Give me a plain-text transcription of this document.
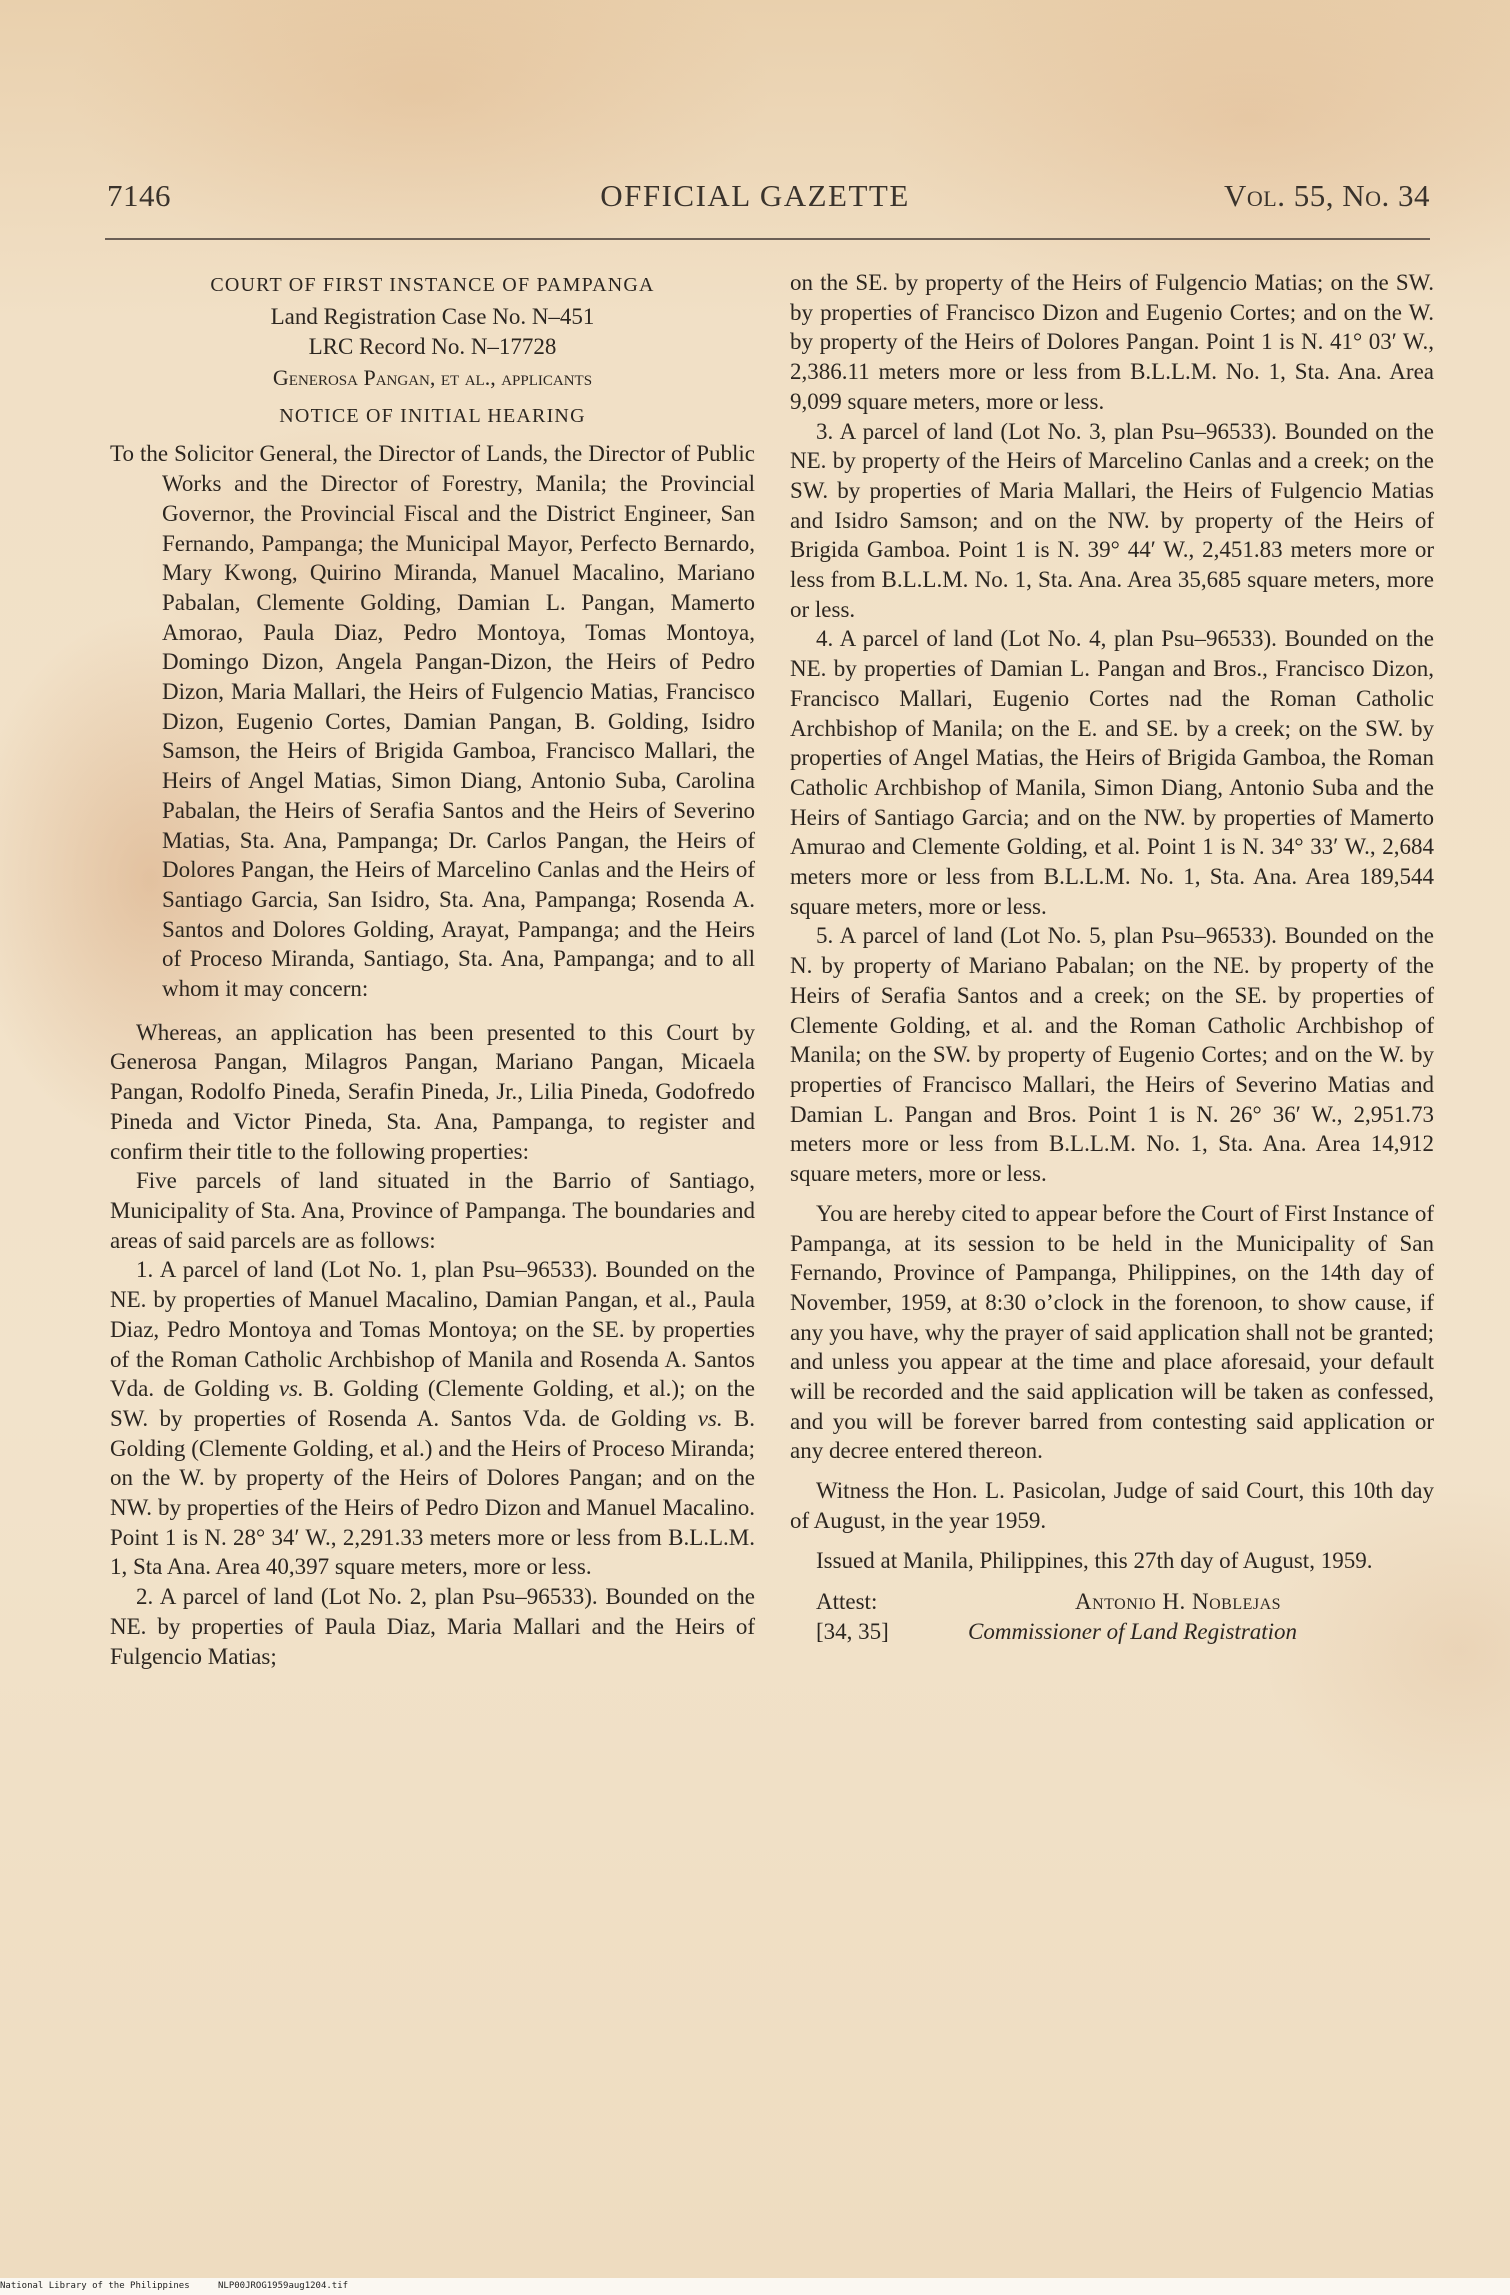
7146	OFFICIAL GAZETTE	Vol. 55, No. 34

COURT OF FIRST INSTANCE OF PAMPANGA

Land Registration Case No. N–451

LRC Record No. N–17728

Generosa Pangan, et al., applicants

NOTICE OF INITIAL HEARING

To the Solicitor General, the Director of Lands, the Director of Public Works and the Director of Forestry, Manila; the Provincial Governor, the Provincial Fiscal and the District Engineer, San Fernando, Pampanga; the Municipal Mayor, Perfecto Bernardo, Mary Kwong, Quirino Miranda, Manuel Macalino, Mariano Pabalan, Clemente Golding, Damian L. Pangan, Mamerto Amorao, Paula Diaz, Pedro Montoya, Tomas Montoya, Domingo Dizon, Angela Pangan-Dizon, the Heirs of Pedro Dizon, Maria Mallari, the Heirs of Fulgencio Matias, Francisco Dizon, Eugenio Cortes, Damian Pangan, B. Golding, Isidro Samson, the Heirs of Brigida Gamboa, Francisco Mallari, the Heirs of Angel Matias, Simon Diang, Antonio Suba, Carolina Pabalan, the Heirs of Serafia Santos and the Heirs of Severino Matias, Sta. Ana, Pampanga; Dr. Carlos Pangan, the Heirs of Dolores Pangan, the Heirs of Marcelino Canlas and the Heirs of Santiago Garcia, San Isidro, Sta. Ana, Pampanga; Rosenda A. Santos and Dolores Golding, Arayat, Pampanga; and the Heirs of Proceso Miranda, Santiago, Sta. Ana, Pampanga; and to all whom it may concern:

Whereas, an application has been presented to this Court by Generosa Pangan, Milagros Pangan, Mariano Pangan, Micaela Pangan, Rodolfo Pineda, Serafin Pineda, Jr., Lilia Pineda, Godofredo Pineda and Victor Pineda, Sta. Ana, Pampanga, to register and confirm their title to the following properties:

Five parcels of land situated in the Barrio of Santiago, Municipality of Sta. Ana, Province of Pampanga. The boundaries and areas of said parcels are as follows:

1. A parcel of land (Lot No. 1, plan Psu–96533). Bounded on the NE. by properties of Manuel Macalino, Damian Pangan, et al., Paula Diaz, Pedro Montoya and Tomas Montoya; on the SE. by properties of the Roman Catholic Archbishop of Manila and Rosenda A. Santos Vda. de Golding vs. B. Golding (Clemente Golding, et al.); on the SW. by properties of Rosenda A. Santos Vda. de Golding vs. B. Golding (Clemente Golding, et al.) and the Heirs of Proceso Miranda; on the W. by property of the Heirs of Dolores Pangan; and on the NW. by properties of the Heirs of Pedro Dizon and Manuel Macalino. Point 1 is N. 28° 34′ W., 2,291.33 meters more or less from B.L.L.M. 1, Sta Ana. Area 40,397 square meters, more or less.

2. A parcel of land (Lot No. 2, plan Psu–96533). Bounded on the NE. by properties of Paula Diaz, Maria Mallari and the Heirs of Fulgencio Matias;

on the SE. by property of the Heirs of Fulgencio Matias; on the SW. by properties of Francisco Dizon and Eugenio Cortes; and on the W. by property of the Heirs of Dolores Pangan. Point 1 is N. 41° 03′ W., 2,386.11 meters more or less from B.L.L.M. No. 1, Sta. Ana. Area 9,099 square meters, more or less.

3. A parcel of land (Lot No. 3, plan Psu–96533). Bounded on the NE. by property of the Heirs of Marcelino Canlas and a creek; on the SW. by properties of Maria Mallari, the Heirs of Fulgencio Matias and Isidro Samson; and on the NW. by property of the Heirs of Brigida Gamboa. Point 1 is N. 39° 44′ W., 2,451.83 meters more or less from B.L.L.M. No. 1, Sta. Ana. Area 35,685 square meters, more or less.

4. A parcel of land (Lot No. 4, plan Psu–96533). Bounded on the NE. by properties of Damian L. Pangan and Bros., Francisco Dizon, Francisco Mallari, Eugenio Cortes nad the Roman Catholic Archbishop of Manila; on the E. and SE. by a creek; on the SW. by properties of Angel Matias, the Heirs of Brigida Gamboa, the Roman Catholic Archbishop of Manila, Simon Diang, Antonio Suba and the Heirs of Santiago Garcia; and on the NW. by properties of Mamerto Amurao and Clemente Golding, et al. Point 1 is N. 34° 33′ W., 2,684 meters more or less from B.L.L.M. No. 1, Sta. Ana. Area 189,544 square meters, more or less.

5. A parcel of land (Lot No. 5, plan Psu–96533). Bounded on the N. by property of Mariano Pabalan; on the NE. by property of the Heirs of Serafia Santos and a creek; on the SE. by properties of Clemente Golding, et al. and the Roman Catholic Archbishop of Manila; on the SW. by property of Eugenio Cortes; and on the W. by properties of Francisco Mallari, the Heirs of Severino Matias and Damian L. Pangan and Bros. Point 1 is N. 26° 36′ W., 2,951.73 meters more or less from B.L.L.M. No. 1, Sta. Ana. Area 14,912 square meters, more or less.

You are hereby cited to appear before the Court of First Instance of Pampanga, at its session to be held in the Municipality of San Fernando, Province of Pampanga, Philippines, on the 14th day of November, 1959, at 8:30 o’clock in the forenoon, to show cause, if any you have, why the prayer of said application shall not be granted; and unless you appear at the time and place aforesaid, your default will be recorded and the said application will be taken as confessed, and you will be forever barred from contesting said application or any decree entered thereon.

Witness the Hon. L. Pasicolan, Judge of said Court, this 10th day of August, in the year 1959.

Issued at Manila, Philippines, this 27th day of August, 1959.

Attest:
[34, 35]
Antonio H. Noblejas
Commissioner of Land Registration
National Library of the Philippines	NLP00JROG1959aug1204.tif
